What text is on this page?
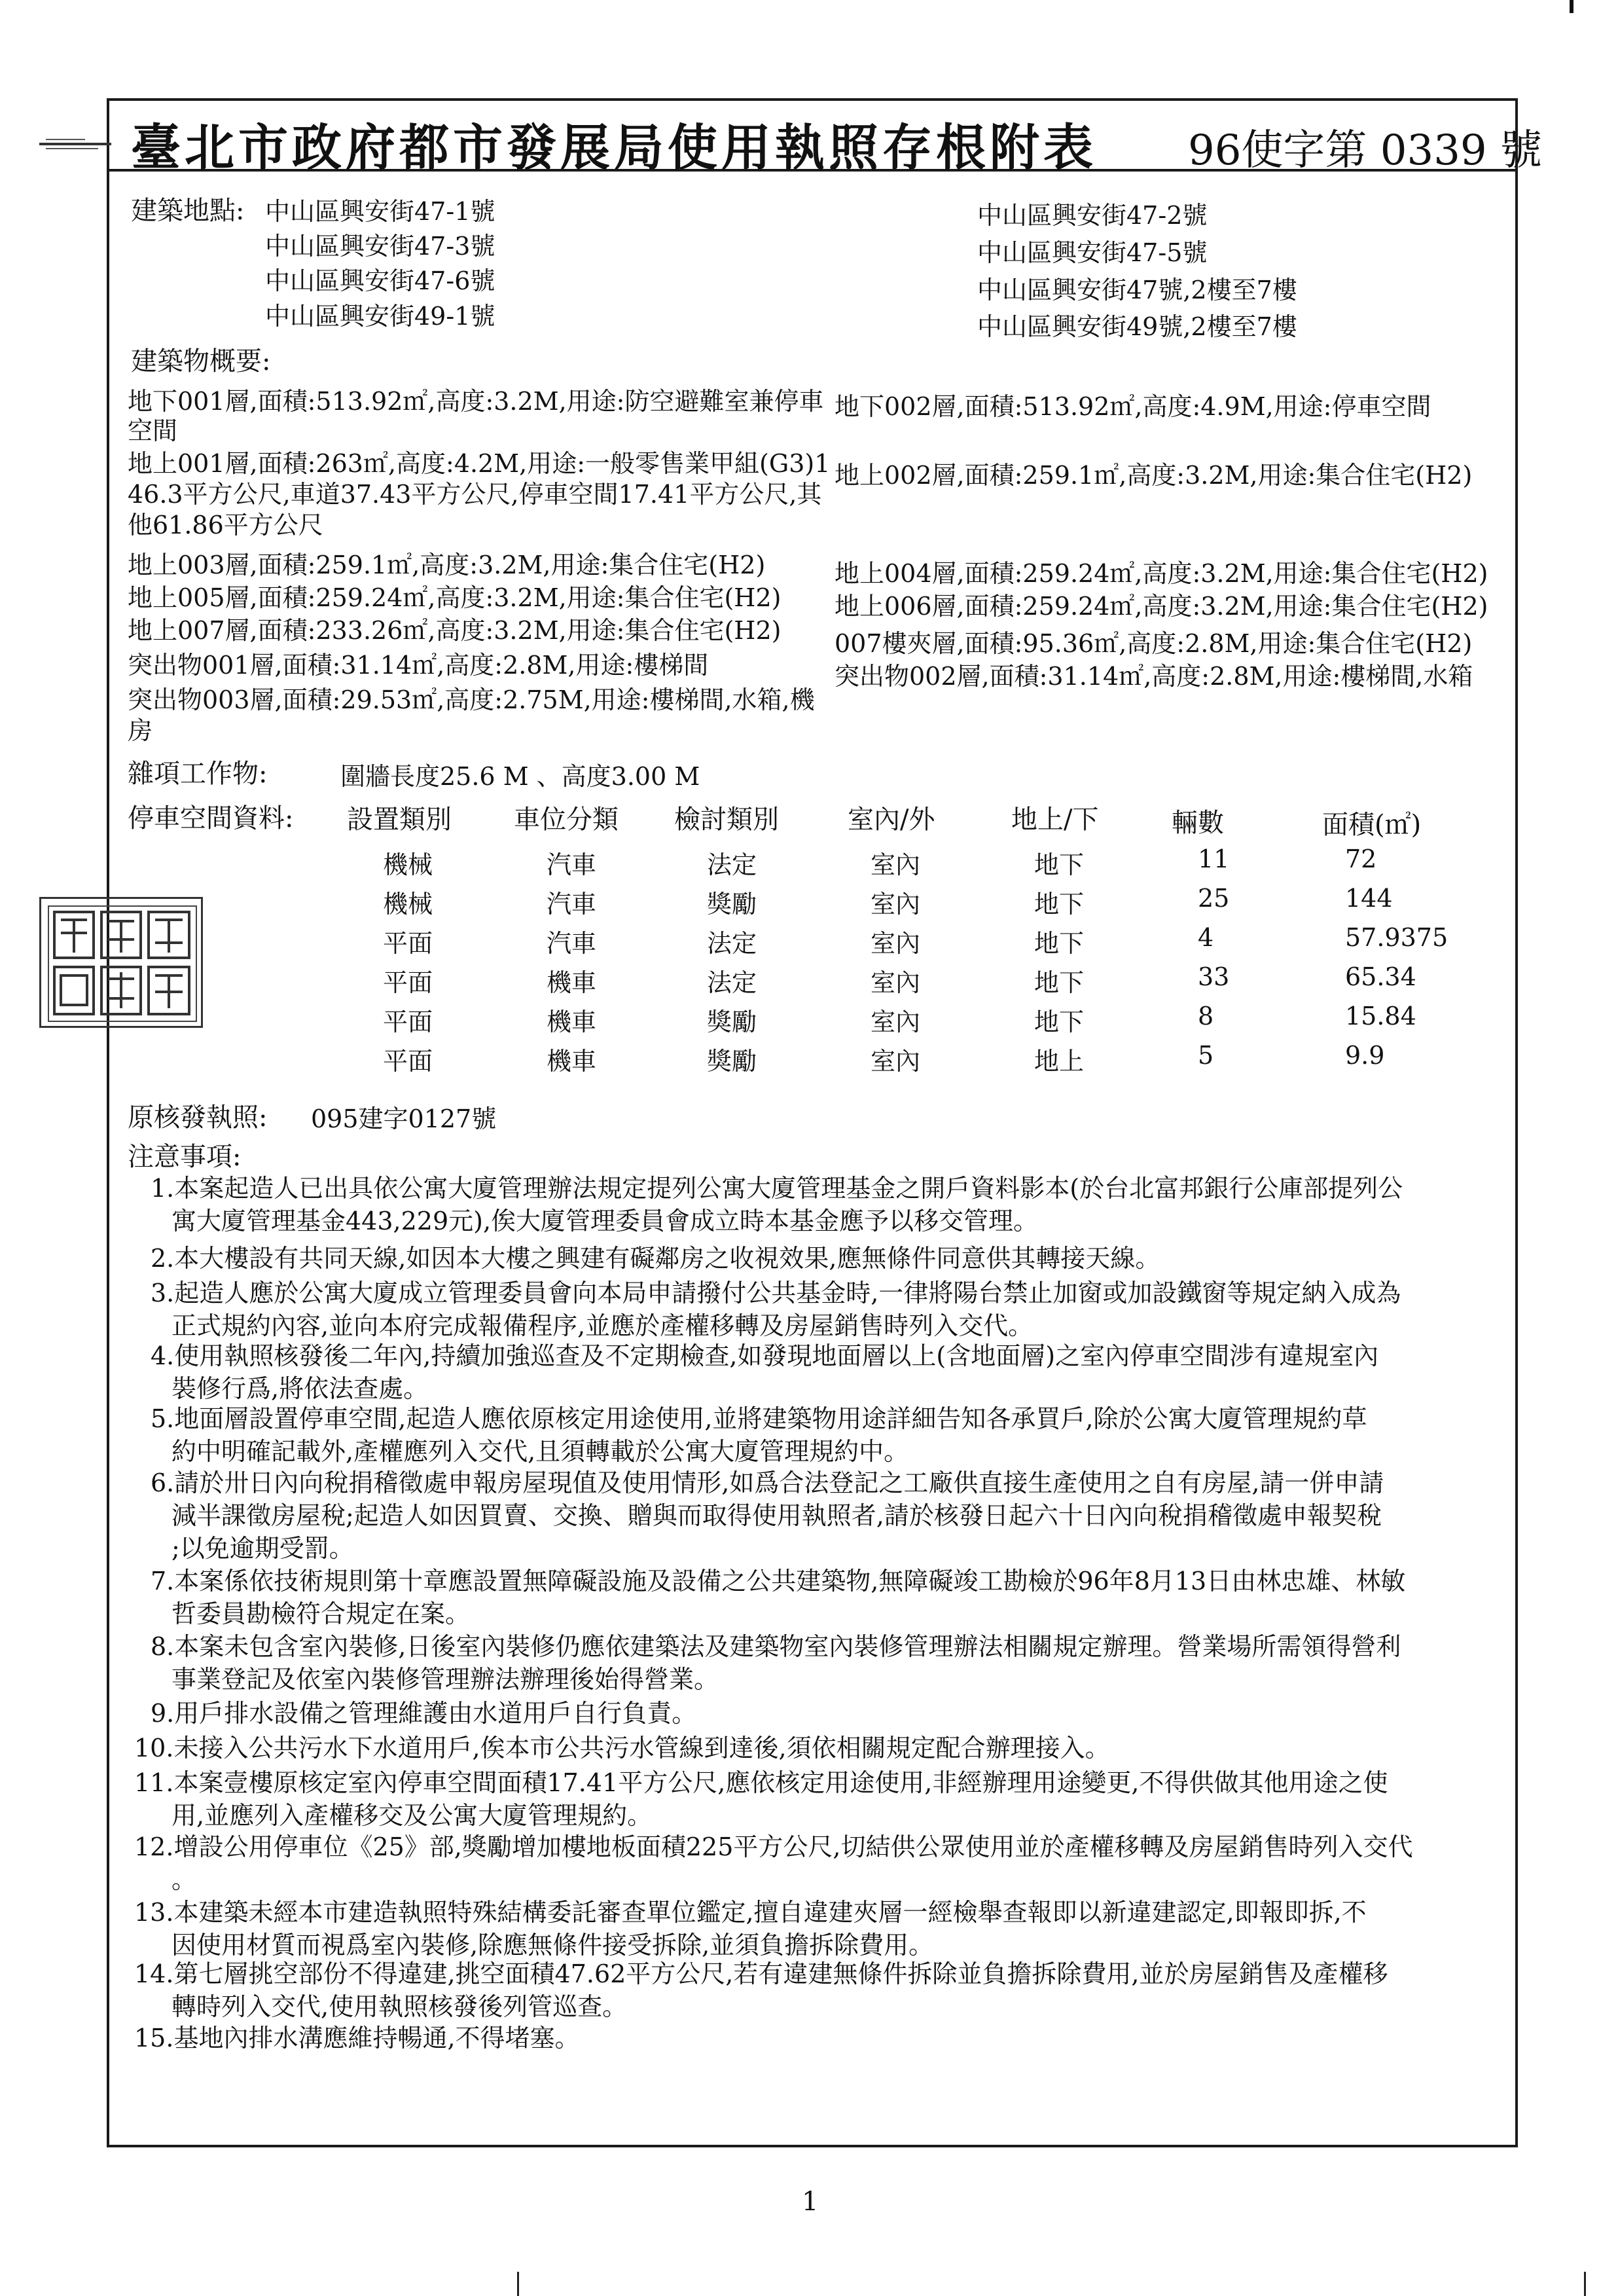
臺北市政府都市發展局使用執照存根附表 96使字第 0339 號
建築地點: 中山區興安街47-1號
中山區興安街47-3號
中山區興安街47-6號
中山區興安街49-1號
中山區興安街47-2號
中山區興安街47-5號
中山區興安街47號,2樓至7樓
中山區興安街49號,2樓至7樓
建築物概要:
地下001層,面積:513.92㎡,高度:3.2M,用途:防空避難室兼停車
空間
地上001層,面積:263㎡,高度:4.2M,用途:一般零售業甲組(G3)1
46.3平方公尺,車道37.43平方公尺,停車空間17.41平方公尺,其
他61.86平方公尺
地上003層,面積:259.1㎡,高度:3.2M,用途:集合住宅(H2)
地上005層,面積:259.24㎡,高度:3.2M,用途:集合住宅(H2)
地上007層,面積:233.26㎡,高度:3.2M,用途:集合住宅(H2)
突出物001層,面積:31.14㎡,高度:2.8M,用途:樓梯間
突出物003層,面積:29.53㎡,高度:2.75M,用途:樓梯間,水箱,機
房
地下002層,面積:513.92㎡,高度:4.9M,用途:停車空間
地上002層,面積:259.1㎡,高度:3.2M,用途:集合住宅(H2)
地上004層,面積:259.24㎡,高度:3.2M,用途:集合住宅(H2)
地上006層,面積:259.24㎡,高度:3.2M,用途:集合住宅(H2)
007樓夾層,面積:95.36㎡,高度:2.8M,用途:集合住宅(H2)
突出物002層,面積:31.14㎡,高度:2.8M,用途:樓梯間,水箱
雜項工作物:	圍牆長度25.6 M 、高度3.00 M
停車空間資料: 設置類別 車位分類 檢討類別	室內/外	地上/下	輛數	面積(㎡)
機械	汽車	法定	室內	地下	11	72
機械	汽車	獎勵	室內	地下	25	144
平面	汽車	法定	室內	地下	4	57.9375
平面	機車	法定	室內	地下	33	65.34
平面	機車	獎勵	室內	地下	8	15.84
平面	機車	獎勵	室內	地上	5	9.9
原核發執照: 095建字0127號
注意事項:
1.本案起造人已出具依公寓大廈管理辦法規定提列公寓大廈管理基金之開戶資料影本(於台北富邦銀行公庫部提列公
寓大廈管理基金443,229元),俟大廈管理委員會成立時本基金應予以移交管理。
2.本大樓設有共同天線,如因本大樓之興建有礙鄰房之收視效果,應無條件同意供其轉接天線。
3.起造人應於公寓大廈成立管理委員會向本局申請撥付公共基金時,一律將陽台禁止加窗或加設鐵窗等規定納入成為
正式規約內容,並向本府完成報備程序,並應於產權移轉及房屋銷售時列入交代。
4.使用執照核發後二年內,持續加強巡查及不定期檢查,如發現地面層以上(含地面層)之室內停車空間涉有違規室內
裝修行爲,將依法查處。
5.地面層設置停車空間,起造人應依原核定用途使用,並將建築物用途詳細告知各承買戶,除於公寓大廈管理規約草
約中明確記載外,產權應列入交代,且須轉載於公寓大廈管理規約中。
6.請於卅日內向稅捐稽徵處申報房屋現值及使用情形,如爲合法登記之工廠供直接生產使用之自有房屋,請一併申請
減半課徵房屋稅;起造人如因買賣、交換、贈與而取得使用執照者,請於核發日起六十日內向稅捐稽徵處申報契稅
;以免逾期受罰。
7.本案係依技術規則第十章應設置無障礙設施及設備之公共建築物,無障礙竣工勘檢於96年8月13日由林忠雄、林敏
哲委員勘檢符合規定在案。
8.本案未包含室內裝修,日後室內裝修仍應依建築法及建築物室內裝修管理辦法相關規定辦理。營業場所需領得營利
事業登記及依室內裝修管理辦法辦理後始得營業。
9.用戶排水設備之管理維護由水道用戶自行負責。
10.未接入公共污水下水道用戶,俟本市公共污水管線到達後,須依相關規定配合辦理接入。
11.本案壹樓原核定室內停車空間面積17.41平方公尺,應依核定用途使用,非經辦理用途變更,不得供做其他用途之使
用,並應列入產權移交及公寓大廈管理規約。
12.增設公用停車位《25》部,獎勵增加樓地板面積225平方公尺,切結供公眾使用並於產權移轉及房屋銷售時列入交代
。
13.本建築未經本市建造執照特殊結構委託審查單位鑑定,擅自違建夾層一經檢舉查報即以新違建認定,即報即拆,不
因使用材質而視爲室內裝修,除應無條件接受拆除,並須負擔拆除費用。
14.第七層挑空部份不得違建,挑空面積47.62平方公尺,若有違建無條件拆除並負擔拆除費用,並於房屋銷售及產權移
轉時列入交代,使用執照核發後列管巡查。
15.基地內排水溝應維持暢通,不得堵塞。
1
